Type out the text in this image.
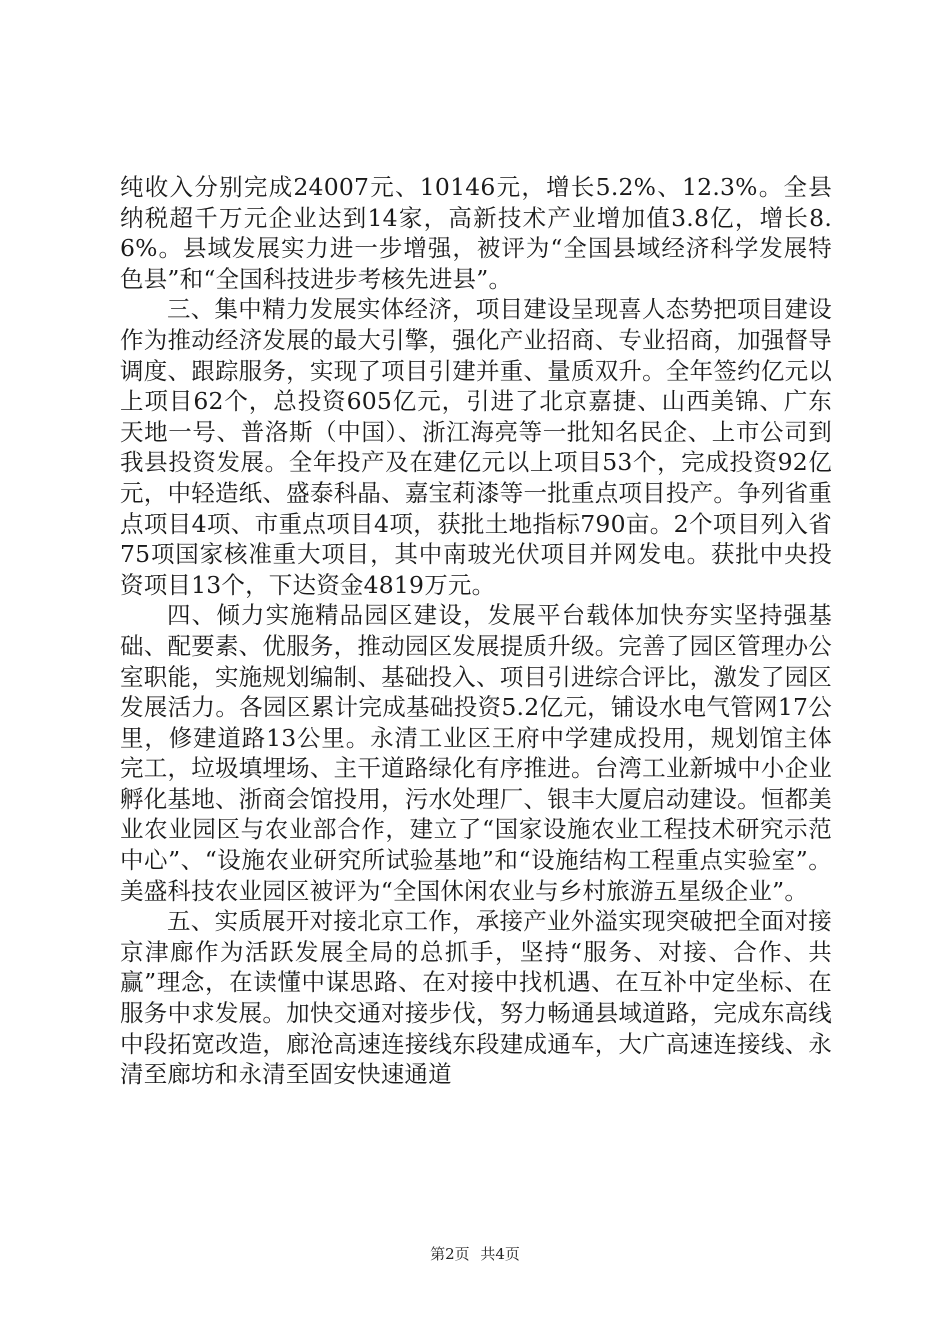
纯收入分别完成24007元、10146元，增长5.2%、12.3%。全县纳税超千万元企业达到14家，高新技术产业增加值3.8亿，增长8.6%。县域发展实力进一步增强，被评为“全国县域经济科学发展特色县”和“全国科技进步考核先进县”。

三、集中精力发展实体经济，项目建设呈现喜人态势把项目建设作为推动经济发展的最大引擎，强化产业招商、专业招商，加强督导调度、跟踪服务，实现了项目引建并重、量质双升。全年签约亿元以上项目62个，总投资605亿元，引进了北京嘉捷、山西美锦、广东天地一号、普洛斯（中国）、浙江海亮等一批知名民企、上市公司到我县投资发展。全年投产及在建亿元以上项目53个，完成投资92亿元，中轻造纸、盛泰科晶、嘉宝莉漆等一批重点项目投产。争列省重点项目4项、市重点项目4项，获批土地指标790亩。2个项目列入省75项国家核准重大项目，其中南玻光伏项目并网发电。获批中央投资项目13个，下达资金4819万元。

四、倾力实施精品园区建设，发展平台载体加快夯实坚持强基础、配要素、优服务，推动园区发展提质升级。完善了园区管理办公室职能，实施规划编制、基础投入、项目引进综合评比，激发了园区发展活力。各园区累计完成基础投资5.2亿元，铺设水电气管网17公里，修建道路13公里。永清工业区王府中学建成投用，规划馆主体完工，垃圾填埋场、主干道路绿化有序推进。台湾工业新城中小企业孵化基地、浙商会馆投用，污水处理厂、银丰大厦启动建设。恒都美业农业园区与农业部合作，建立了“国家设施农业工程技术研究示范中心”、“设施农业研究所试验基地”和“设施结构工程重点实验室”。美盛科技农业园区被评为“全国休闲农业与乡村旅游五星级企业”。

五、实质展开对接北京工作，承接产业外溢实现突破把全面对接京津廊作为活跃发展全局的总抓手，坚持“服务、对接、合作、共赢”理念，在读懂中谋思路、在对接中找机遇、在互补中定坐标、在服务中求发展。加快交通对接步伐，努力畅通县域道路，完成东高线中段拓宽改造，廊沧高速连接线东段建成通车，大广高速连接线、永清至廊坊和永清至固安快速通道

第2页 共4页
